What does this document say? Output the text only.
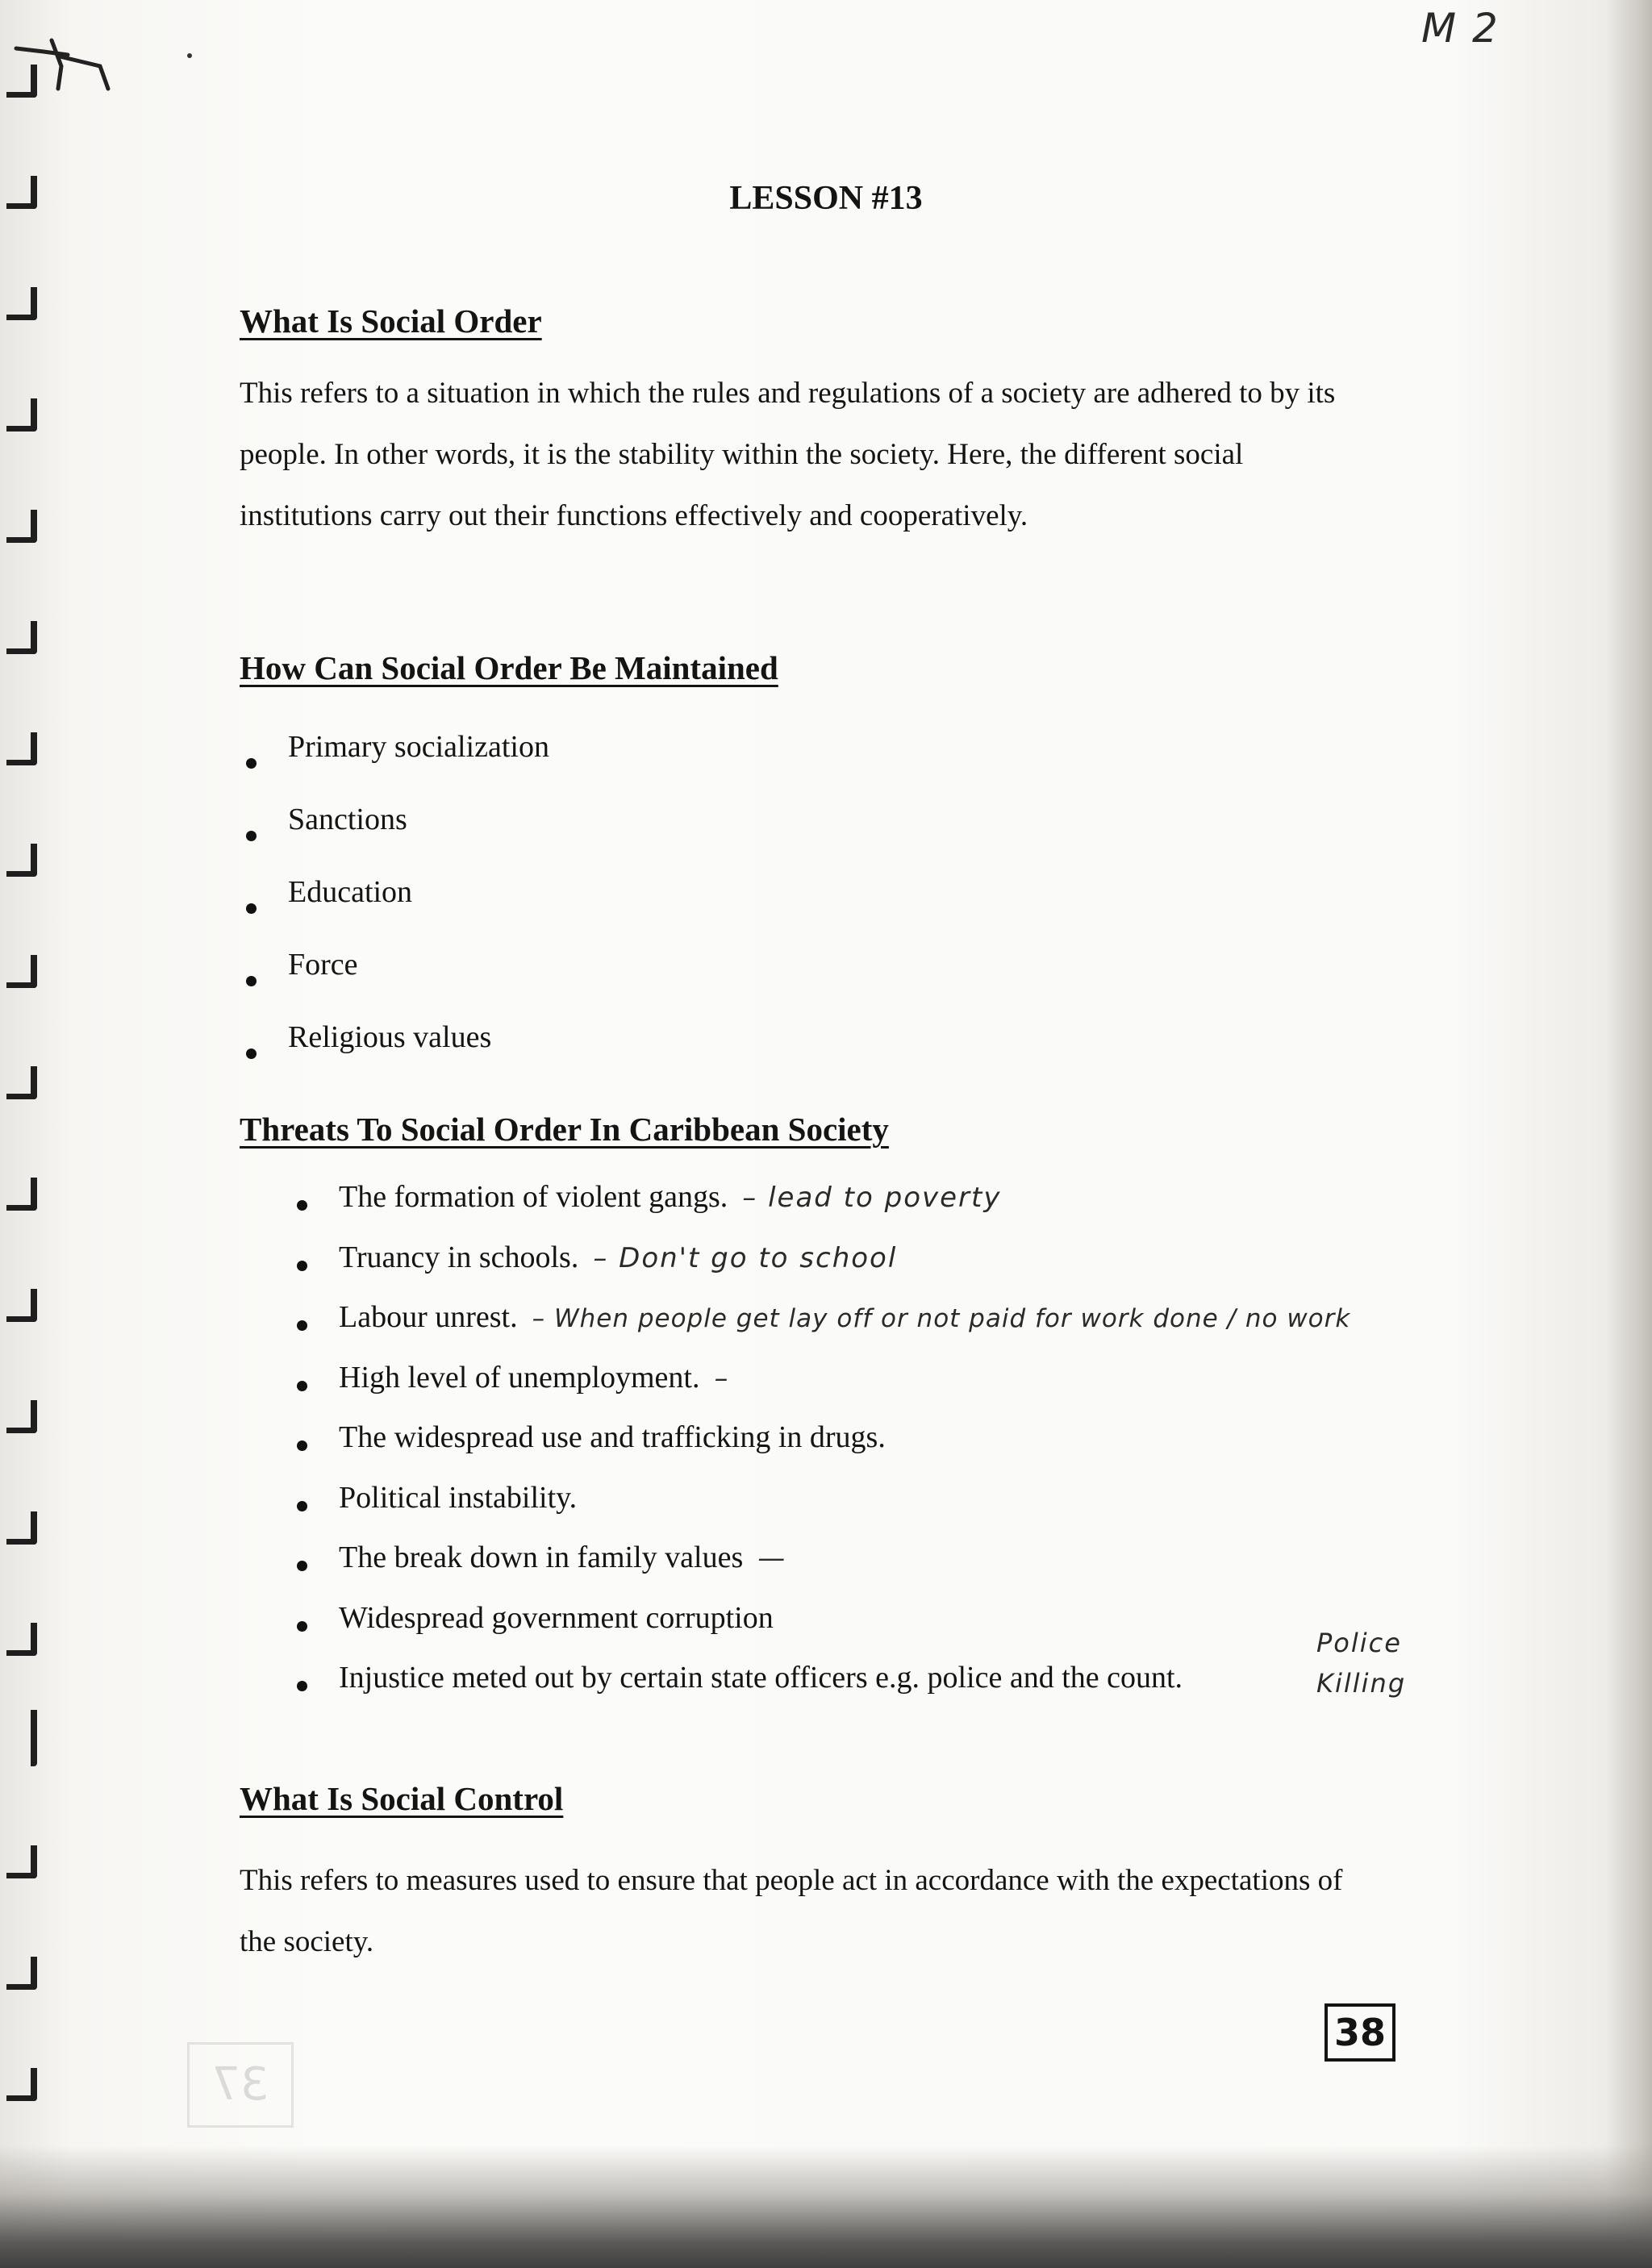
M 2
LESSON #13
What Is Social Order
This refers to a situation in which the rules and regulations of a society are adhered to by its people. In other words, it is the stability within the society. Here, the different social institutions carry out their functions effectively and cooperatively.
How Can Social Order Be Maintained
Primary socialization
Sanctions
Education
Force
Religious values
Threats To Social Order In Caribbean Society
The formation of violent gangs. – lead to poverty
Truancy in schools. – Don't go to school
Labour unrest. – When people get lay off or not paid for work done / no work
High level of unemployment. –
The widespread use and trafficking in drugs.
Political instability.
The break down in family values —
Widespread government corruption
Injustice meted out by certain state officers e.g. police and the count.
Police Killing
What Is Social Control
This refers to measures used to ensure that people act in accordance with the expectations of the society.
38
37
